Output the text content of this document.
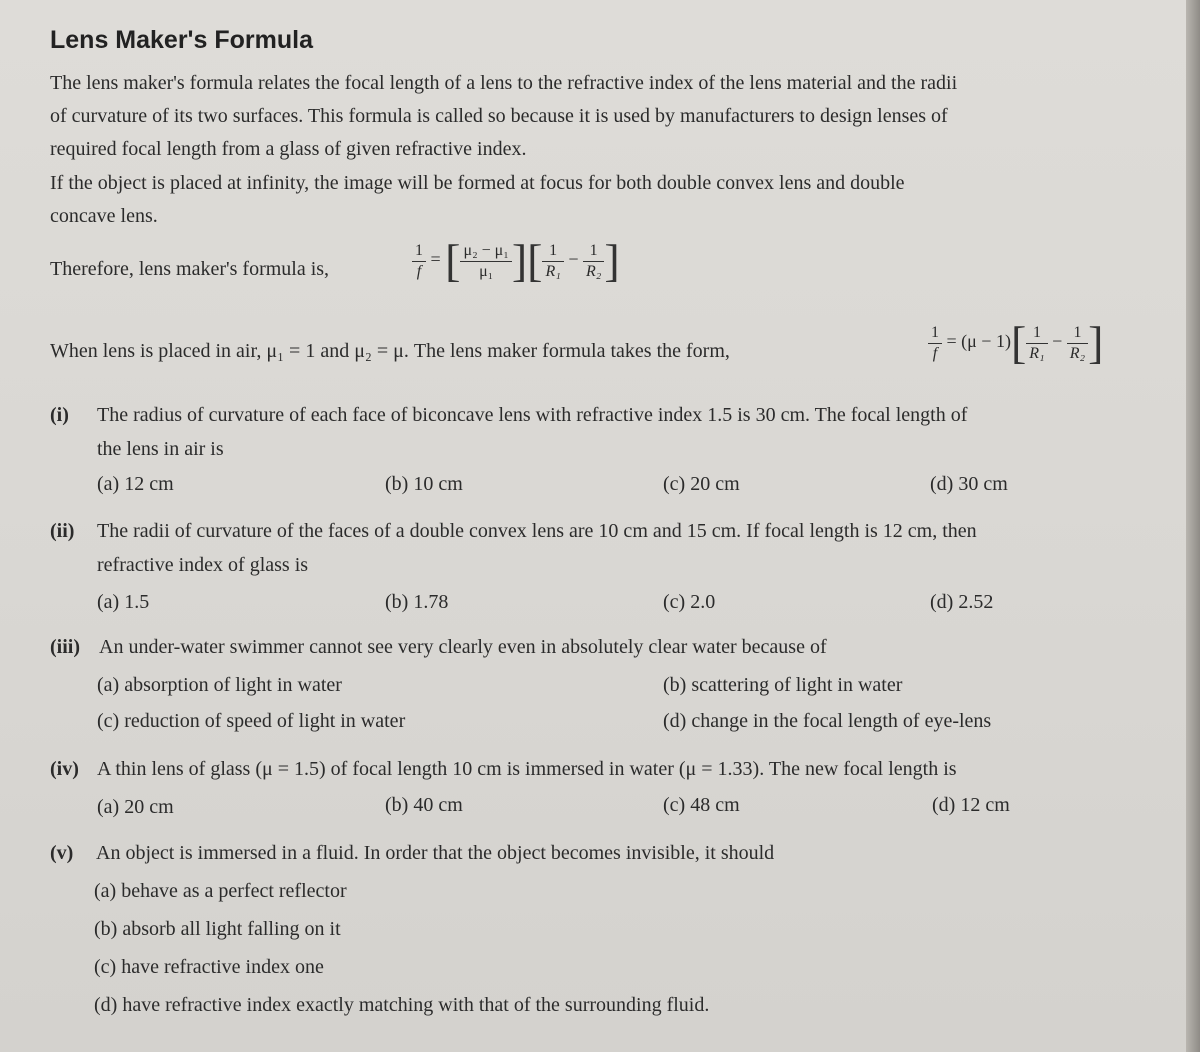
Lens Maker's Formula
The lens maker's formula relates the focal length of a lens to the refractive index of the lens material and the radii
of curvature of its two surfaces. This formula is called so because it is used by manufacturers to design lenses of
required focal length from a glass of given refractive index.
If the object is placed at infinity, the image will be formed at focus for both double convex lens and double
concave lens.
Therefore, lens maker's formula is,	$\frac{1}{f}$ = [ $\frac{\text{μ₂ − μ₁}}{\text{μ₁}}$ ][ $\frac{1}{\text{R₁}} - \frac{1}{\text{R₂}}$ ]
When lens is placed in air, μ₁ = 1 and μ₂ = μ. The lens maker formula takes the form,	$\frac{1}{f} = (\mu - 1)[ \frac{1}{\text{R₁}} - \frac{1}{\text{R₂}}$ ]
(i) The radius of curvature of each face of biconcave lens with refractive index 1.5 is 30 cm. The focal length of
the lens in air is
(a) 12 cm	(b) 10 cm	(c) 20 cm	(d) 30 cm
(ii) The radii of curvature of the faces of a double convex lens are 10 cm and 15 cm. If focal length is 12 cm, then
refractive index of glass is
(a) 1.5	(b) 1.78	(c) 2.0	(d) 2.52
(iii) An under-water swimmer cannot see very clearly even in absolutely clear water because of
(a) absorption of light in water	(b) scattering of light in water
(c) reduction of speed of light in water	(d) change in the focal length of eye-lens
(iv) A thin lens of glass (μ = 1.5) of focal length 10 cm is immersed in water (μ = 1.33). The new focal length is
(a) 20 cm	(b) 40 cm	(c) 48 cm	(d) 12 cm
(v) An object is immersed in a fluid. In order that the object becomes invisible, it should
(a) behave as a perfect reflector
(b) absorb all light falling on it
(c) have refractive index one
(d) have refractive index exactly matching with that of the surrounding fluid.
